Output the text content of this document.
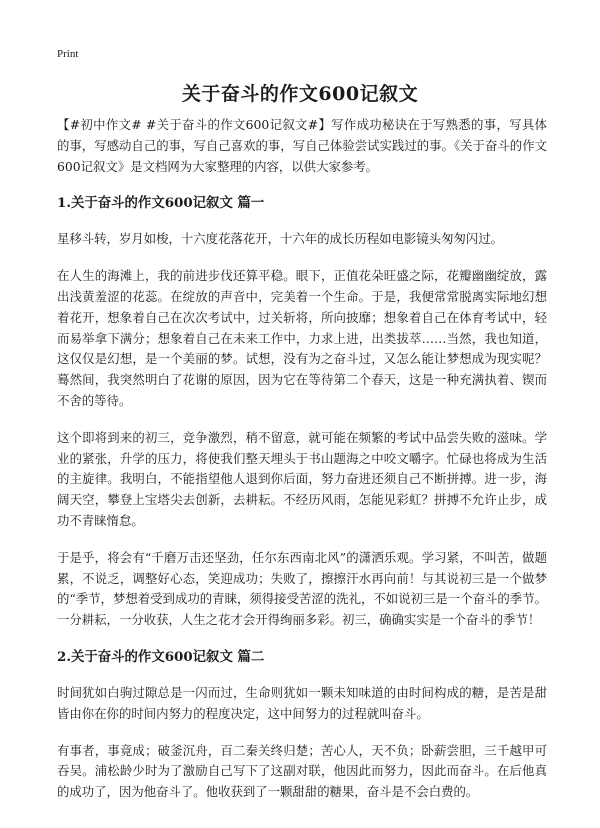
Print
关于奋斗的作文600记叙文

【#初中作文# #关于奋斗的作文600记叙文#】写作成功秘诀在于写熟悉的事，写具体的事，写感动自己的事，写自己喜欢的事，写自己体验尝试实践过的事。《关于奋斗的作文600记叙文》是文档网为大家整理的内容，以供大家参考。

1.关于奋斗的作文600记叙文 篇一

星移斗转，岁月如梭，十六度花落花开，十六年的成长历程如电影镜头匆匆闪过。

在人生的海滩上，我的前进步伐还算平稳。眼下，正值花朵旺盛之际，花瓣幽幽绽放，露出浅黄羞涩的花蕊。在绽放的声音中，完美着一个生命。于是，我便常常脱离实际地幻想着花开，想象着自己在次次考试中，过关斩将，所向披靡；想象着自己在体育考试中，轻而易举拿下满分；想象着自己在未来工作中，力求上进，出类拔萃……当然，我也知道，这仅仅是幻想，是一个美丽的梦。试想，没有为之奋斗过，又怎么能让梦想成为现实呢？蓦然间，我突然明白了花谢的原因，因为它在等待第二个春天，这是一种充满执着、锲而不舍的等待。

这个即将到来的初三，竞争激烈，稍不留意，就可能在频繁的考试中品尝失败的滋味。学业的紧张，升学的压力，将使我们整天埋头于书山题海之中咬文嚼字。忙碌也将成为生活的主旋律。我明白，不能指望他人退到你后面，努力奋进还须自己不断拼搏。进一步，海阔天空，攀登上宝塔尖去创新，去耕耘。不经历风雨，怎能见彩虹？拼搏不允许止步，成功不青睐惰怠。

于是乎，将会有“千磨万击还坚劲，任尔东西南北风”的潇洒乐观。学习紧，不叫苦，做题累，不说乏，调整好心态，笑迎成功；失败了，擦擦汗水再向前！与其说初三是一个做梦的“季节，梦想着受到成功的青睐，须得接受苦涩的洗礼，不如说初三是一个奋斗的季节。一分耕耘，一分收获，人生之花才会开得绚丽多彩。初三，确确实实是一个奋斗的季节！

2.关于奋斗的作文600记叙文 篇二

时间犹如白驹过隙总是一闪而过，生命则犹如一颗未知味道的由时间构成的糖，是苦是甜皆由你在你的时间内努力的程度决定，这中间努力的过程就叫奋斗。

有事者，事竟成；破釜沉舟，百二秦关终归楚；苦心人，天不负；卧薪尝胆，三千越甲可吞吴。浦松龄少时为了激励自己写下了这副对联，他因此而努力，因此而奋斗。在后他真的成功了，因为他奋斗了。他收获到了一颗甜甜的糖果，奋斗是不会白费的。
